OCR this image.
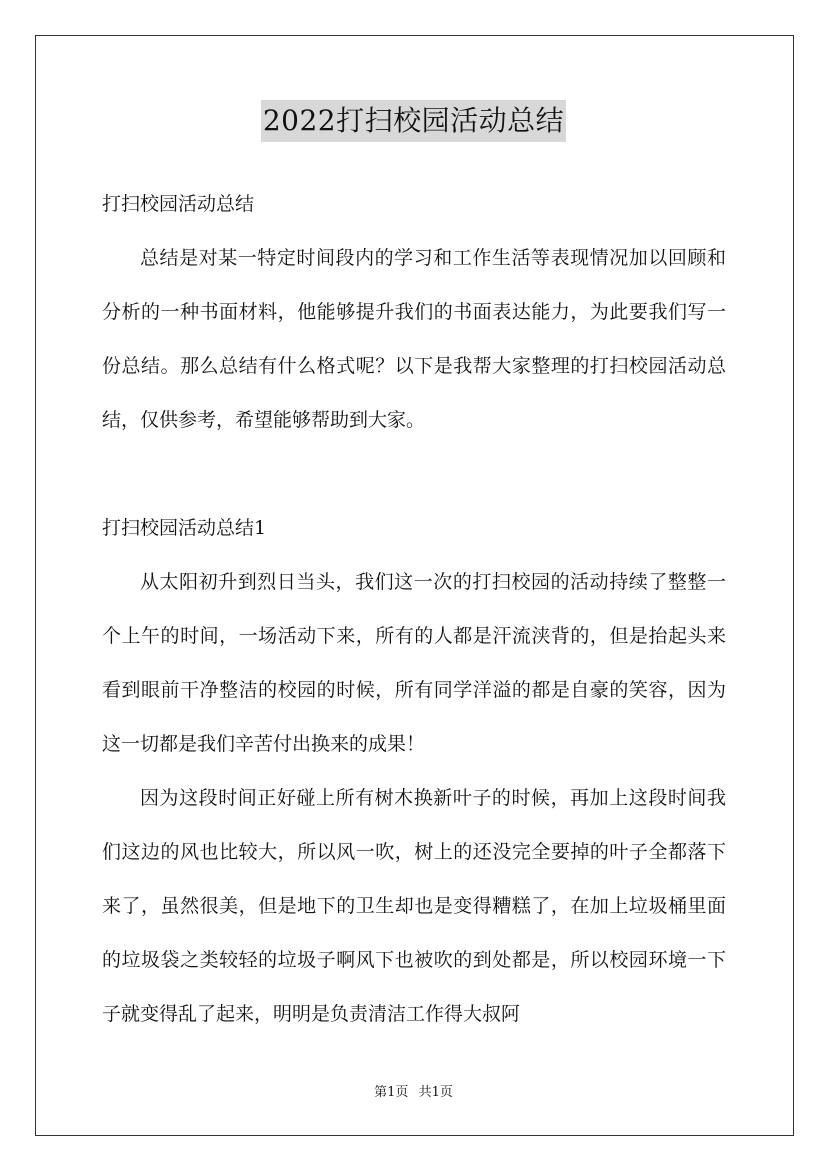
2022打扫校园活动总结
打扫校园活动总结

总结是对某一特定时间段内的学习和工作生活等表现情况加以回顾和分析的一种书面材料，他能够提升我们的书面表达能力，为此要我们写一份总结。那么总结有什么格式呢？以下是我帮大家整理的打扫校园活动总结，仅供参考，希望能够帮助到大家。

打扫校园活动总结1

从太阳初升到烈日当头，我们这一次的打扫校园的活动持续了整整一个上午的时间，一场活动下来，所有的人都是汗流浃背的，但是抬起头来看到眼前干净整洁的校园的时候，所有同学洋溢的都是自豪的笑容，因为这一切都是我们辛苦付出换来的成果！

因为这段时间正好碰上所有树木换新叶子的时候，再加上这段时间我们这边的风也比较大，所以风一吹，树上的还没完全要掉的叶子全都落下来了，虽然很美，但是地下的卫生却也是变得糟糕了，在加上垃圾桶里面的垃圾袋之类较轻的垃圾子啊风下也被吹的到处都是，所以校园环境一下子就变得乱了起来，明明是负责清洁工作得大叔阿

第1页 共1页
